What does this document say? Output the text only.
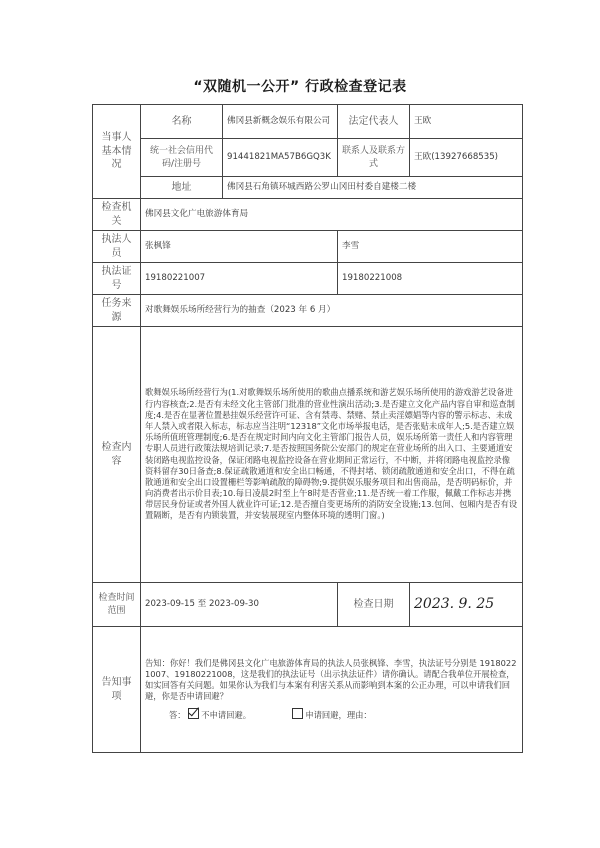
“双随机一公开” 行政检查登记表
当事人基本情况	名称	佛冈县新概念娱乐有限公司	法定代表人	王欧
	统一社会信用代码/注册号	91441821MA57B6GQ3K	联系人及联系方式	王欧(13927668535)
	地址	佛冈县石角镇环城西路公罗山冈田村委自建楼二楼		
检查机关	佛冈县文化广电旅游体育局			
执法人员	张枫锋		李雪	
执法证号	19180221007		19180221008	
任务来源	对歌舞娱乐场所经营行为的抽查（2023 年 6 月）			
检查内容	歌舞娱乐场所经营行为(1.对歌舞娱乐场所使用的歌曲点播系统和游艺娱乐场所使用的游戏游艺设备进行内容核查;2.是否有未经文化主管部门批准的营业性演出活动;3.是否建立文化产品内容自审和巡查制度;4.是否在显著位置悬挂娱乐经营许可证、含有禁毒、禁赌、禁止卖淫嫖娼等内容的警示标志、未成年人禁入或者限入标志，标志应当注明“12318”文化市场举报电话，是否张贴未成年人;5.是否建立娱乐场所值班管理制度;6.是否在规定时间内向文化主管部门报告人员，娱乐场所第一责任人和内容管理专职人员进行政策法规培训记录;7.是否按照国务院公安部门的规定在营业场所的出入口、主要通道安装闭路电视监控设备，保证闭路电视监控设备在营业期间正常运行，不中断，并将闭路电视监控录像资料留存30日备查;8.保证疏散通道和安全出口畅通，不得封堵、锁闭疏散通道和安全出口，不得在疏散通道和安全出口设置栅栏等影响疏散的障碍物;9.提供娱乐服务项目和出售商品，是否明码标价，并向消费者出示价目表;10.每日凌晨2时至上午8时是否营业;11.是否统一着工作服，佩戴工作标志并携带居民身份证或者外国人就业许可证;12.是否擅自变更场所的消防安全设施;13.包间、包厢内是否有设置隔断，是否有内锁装置，并安装展现室内整体环境的透明门窗。)			
检查时间范围	2023-09-15 至 2023-09-30		检查日期	2023. 9. 25
告知事项	告知：你好！我们是佛冈县文化广电旅游体育局的执法人员张枫锋、李雪，执法证号分别是 19180221007、19180221008，这是我们的执法证号（出示执法证件）请你确认。请配合我单位开展检查，如实回答有关问题。如果你认为我们与本案有利害关系从而影响到本案的公正办理，可以申请我们回避，你是否申请回避？
答： 不申请回避。 申请回避，理由：			
